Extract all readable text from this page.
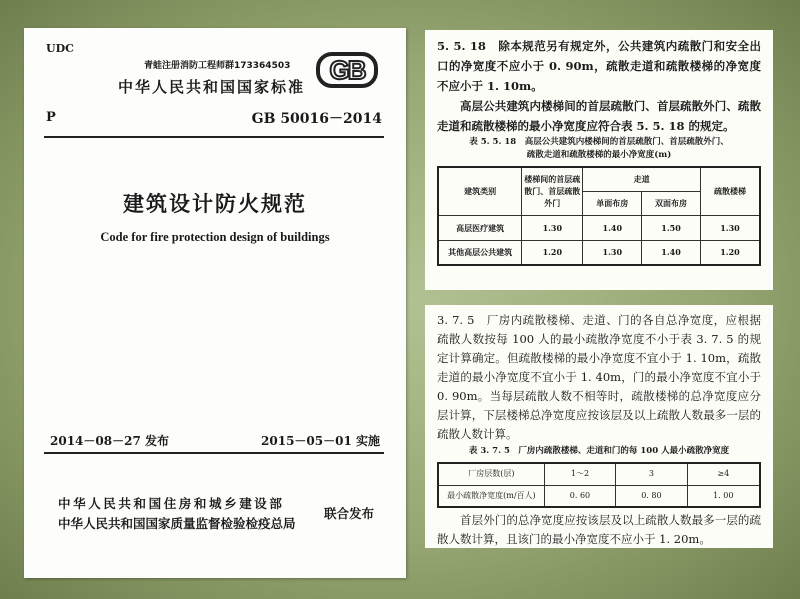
UDC
青蛙注册消防工程师群173364503
中华人民共和国国家标准
GB
P	GB 50016－2014
建筑设计防火规范
Code for fire protection design of buildings
2014－08－27 发布	2015－05－01 实施
中华人民共和国住房和城乡建设部
中华人民共和国国家质量监督检验检疫总局
联合发布

5. 5. 18　除本规范另有规定外，公共建筑内疏散门和安全出口的净宽度不应小于 0. 90m，疏散走道和疏散楼梯的净宽度不应小于 1. 10m。

高层公共建筑内楼梯间的首层疏散门、首层疏散外门、疏散走道和疏散楼梯的最小净宽度应符合表 5. 5. 18 的规定。

表 5. 5. 18　高层公共建筑内楼梯间的首层疏散门、首层疏散外门、
疏散走道和疏散楼梯的最小净宽度(m)
建筑类别	楼梯间的首层疏散门、首层疏散外门	走道		疏散楼梯
		单面布房	双面布房	
高层医疗建筑	1.30	1.40	1.50	1.30
其他高层公共建筑	1.20	1.30	1.40	1.20

3. 7. 5　厂房内疏散楼梯、走道、门的各自总净宽度，应根据疏散人数按每 100 人的最小疏散净宽度不小于表 3. 7. 5 的规定计算确定。但疏散楼梯的最小净宽度不宜小于 1. 10m，疏散走道的最小净宽度不宜小于 1. 40m，门的最小净宽度不宜小于 0. 90m。当每层疏散人数不相等时，疏散楼梯的总净宽度应分层计算，下层楼梯总净宽度应按该层及以上疏散人数最多一层的疏散人数计算。

表 3. 7. 5　厂房内疏散楼梯、走道和门的每 100 人最小疏散净宽度
厂房层数(层)	1～2	3	≥4
最小疏散净宽度(m/百人)	0. 60	0. 80	1. 00

首层外门的总净宽度应按该层及以上疏散人数最多一层的疏散人数计算，且该门的最小净宽度不应小于 1. 20m。
